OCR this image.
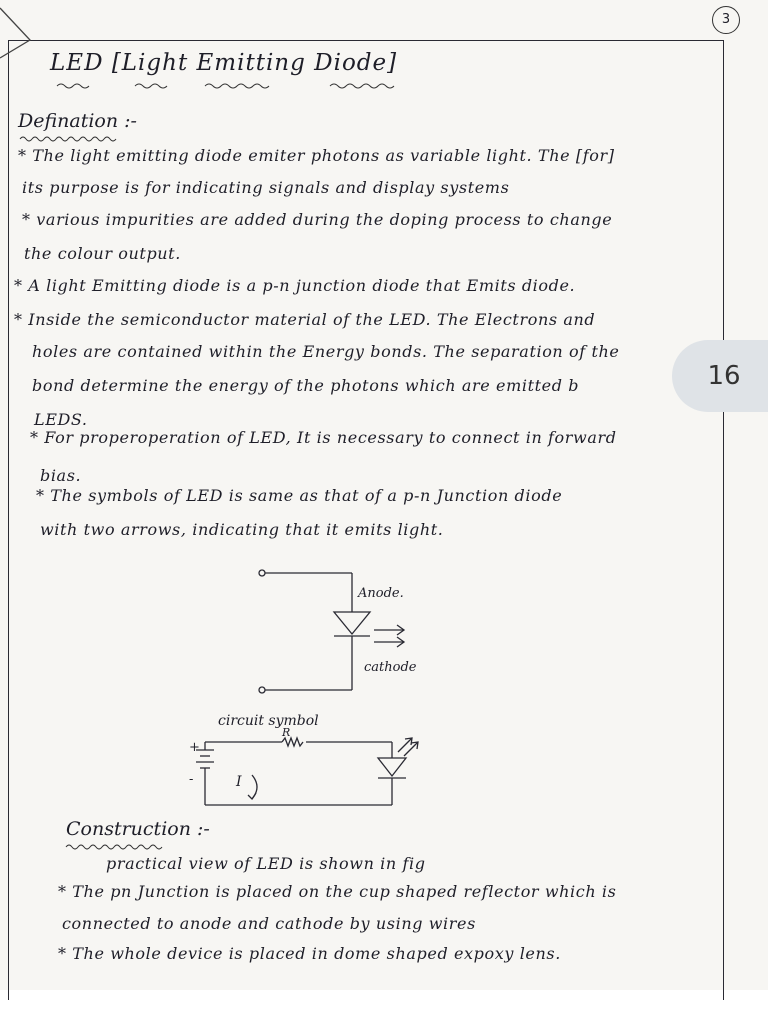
3
LED [Light Emitting Diode]
Defination :-
* The light emitting diode emiter photons as variable light. The [for]
its purpose is for indicating signals and display systems
* various impurities are added during the doping process to change
the colour output.
* A light Emitting diode is a p-n junction diode that Emits diode.
* Inside the semiconductor material of the LED. The Electrons and
holes are contained within the Energy bonds. The separation of the
bond determine the energy of the photons which are emitted b
LEDS.
* For properoperation of LED, It is necessary to connect in forward
bias.
* The symbols of LED is same as that of a p-n Junction diode
with two arrows, indicating that it emits light.
16
Anode.
cathode
circuit symbol
R
+
-	I
Construction :-
practical view of LED is shown in fig
* The pn Junction is placed on the cup shaped reflector which is
connected to anode and cathode by using wires
* The whole device is placed in dome shaped expoxy lens.
